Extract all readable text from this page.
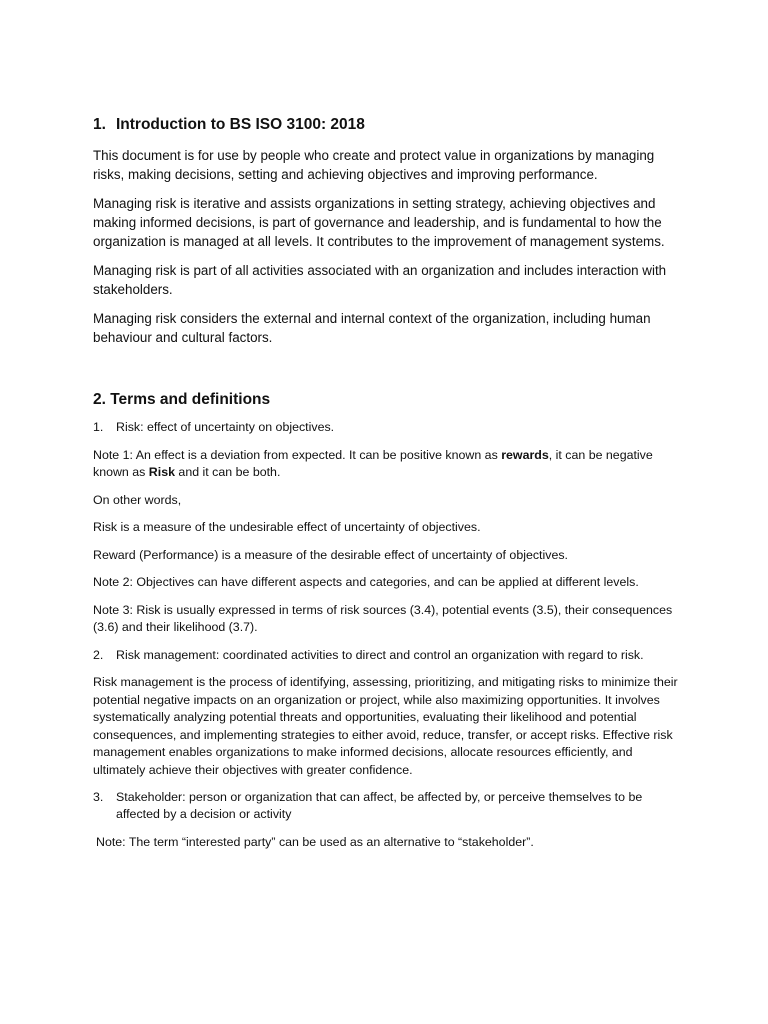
1. Introduction to BS ISO 3100: 2018

This document is for use by people who create and protect value in organizations by managing risks, making decisions, setting and achieving objectives and improving performance.

Managing risk is iterative and assists organizations in setting strategy, achieving objectives and making informed decisions, is part of governance and leadership, and is fundamental to how the organization is managed at all levels. It contributes to the improvement of management systems.

Managing risk is part of all activities associated with an organization and includes interaction with stakeholders.

Managing risk considers the external and internal context of the organization, including human behaviour and cultural factors.

2. Terms and definitions
1.	Risk: effect of uncertainty on objectives.

Note 1: An effect is a deviation from expected. It can be positive known as rewards, it can be negative known as Risk and it can be both.

On other words,

Risk is a measure of the undesirable effect of uncertainty of objectives.

Reward (Performance) is a measure of the desirable effect of uncertainty of objectives.

Note 2: Objectives can have different aspects and categories, and can be applied at different levels.

Note 3: Risk is usually expressed in terms of risk sources (3.4), potential events (3.5), their consequences (3.6) and their likelihood (3.7).

2.	Risk management: coordinated activities to direct and control an organization with regard to risk.

Risk management is the process of identifying, assessing, prioritizing, and mitigating risks to minimize their potential negative impacts on an organization or project, while also maximizing opportunities. It involves systematically analyzing potential threats and opportunities, evaluating their likelihood and potential consequences, and implementing strategies to either avoid, reduce, transfer, or accept risks. Effective risk management enables organizations to make informed decisions, allocate resources efficiently, and ultimately achieve their objectives with greater confidence.

3.	Stakeholder: person or organization that can affect, be affected by, or perceive themselves to be affected by a decision or activity

Note: The term “interested party” can be used as an alternative to “stakeholder”.
